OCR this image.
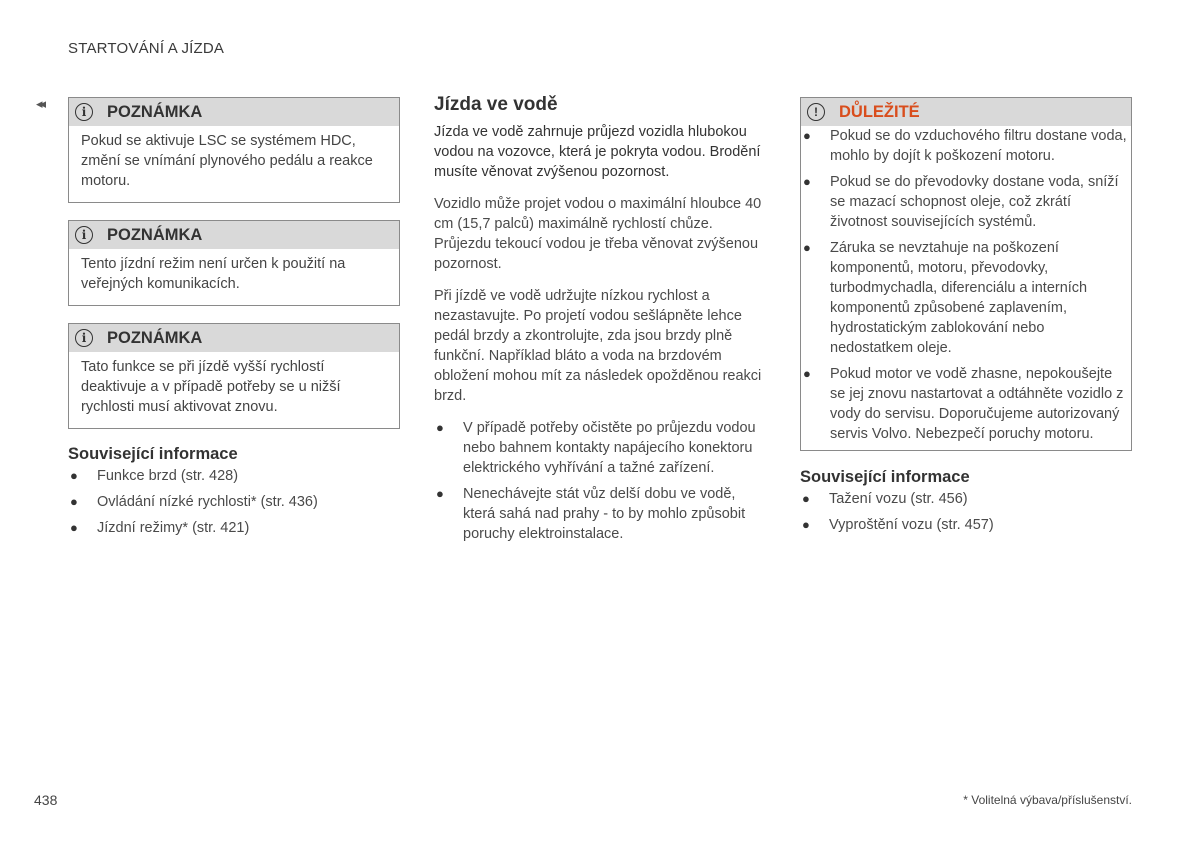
STARTOVÁNÍ A JÍZDA
◂◂
i	POZNÁMKA
Pokud se aktivuje LSC se systémem HDC, změní se vnímání plynového pedálu a reakce motoru.
i	POZNÁMKA
Tento jízdní režim není určen k použití na veřejných komunikacích.
i	POZNÁMKA
Tato funkce se při jízdě vyšší rychlostí deaktivuje a v případě potřeby se u nižší rychlosti musí aktivovat znovu.
Související informace
● Funkce brzd (str. 428)
● Ovládání nízké rychlosti* (str. 436)
● Jízdní režimy* (str. 421)
Jízda ve vodě

Jízda ve vodě zahrnuje průjezd vozidla hlubokou vodou na vozovce, která je pokryta vodou. Brodění musíte věnovat zvýšenou pozornost.

Vozidlo může projet vodou o maximální hloubce 40 cm (15,7 palců) maximálně rychlostí chůze. Průjezdu tekoucí vodou je třeba věnovat zvýšenou pozornost.

Při jízdě ve vodě udržujte nízkou rychlost a nezastavujte. Po projetí vodou sešlápněte lehce pedál brzdy a zkontrolujte, zda jsou brzdy plně funkční. Například bláto a voda na brzdovém obložení mohou mít za následek opožděnou reakci brzd.

● V případě potřeby očistěte po průjezdu vodou nebo bahnem kontakty napájecího konektoru elektrického vyhřívání a tažné zařízení.
● Nenechávejte stát vůz delší dobu ve vodě, která sahá nad prahy - to by mohlo způsobit poruchy elektroinstalace.
!	DŮLEŽITÉ
● Pokud se do vzduchového filtru dostane voda, mohlo by dojít k poškození motoru.
● Pokud se do převodovky dostane voda, sníží se mazací schopnost oleje, což zkrátí životnost souvisejících systémů.
● Záruka se nevztahuje na poškození komponentů, motoru, převodovky, turbodmychadla, diferenciálu a interních komponentů způsobené zaplavením, hydrostatickým zablokování nebo nedostatkem oleje.
● Pokud motor ve vodě zhasne, nepokoušejte se jej znovu nastartovat a odtáhněte vozidlo z vody do servisu. Doporučujeme autorizovaný servis Volvo. Nebezpečí poruchy motoru.
Související informace
● Tažení vozu (str. 456)
● Vyproštění vozu (str. 457)
438	* Volitelná výbava/příslušenství.
